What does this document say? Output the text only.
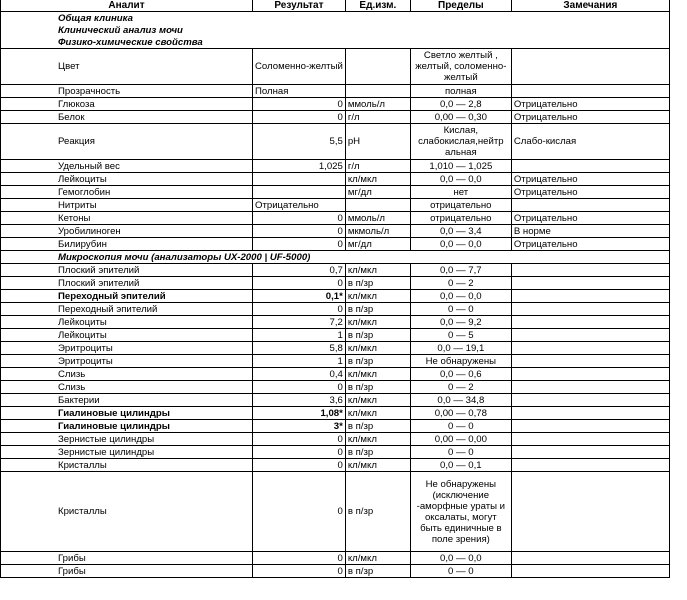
Аналит	Результат	Ед.изм.	Пределы	Замечания
Общая клиника				
Клинический анализ мочи				
Физико-химические свойства				
Цвет	Соломенно-желтый		Светло желтый , желтый, соломенно-желтый	
Прозрачность	Полная		полная	
Глюкоза	0	ммоль/л	0,0 — 2,8	Отрицательно
Белок	0	г/л	0,00 — 0,30	Отрицательно
Реакция	5,5	pH	Кислая, слабокислая,нейтр альная	Слабо-кислая
Удельный вес	1,025	г/л	1,010 — 1,025	
Лейкоциты		кл/мкл	0,0 — 0,0	Отрицательно
Гемоглобин		мг/дл	нет	Отрицательно
Нитриты	Отрицательно		отрицательно	
Кетоны	0	ммоль/л	отрицательно	Отрицательно
Уробилиноген	0	мкмоль/л	0,0 — 3,4	В норме
Билирубин	0	мг/дл	0,0 — 0,0	Отрицательно
Микроскопия мочи (анализаторы UX-2000 | UF-5000)				
Плоский эпителий	0,7	кл/мкл	0,0 — 7,7	
Плоский эпителий	0	в п/зр	0 — 2	
Переходный эпителий	0,1*	кл/мкл	0,0 — 0,0	
Переходный эпителий	0	в п/зр	0 — 0	
Лейкоциты	7,2	кл/мкл	0,0 — 9,2	
Лейкоциты	1	в п/зр	0 — 5	
Эритроциты	5,8	кл/мкл	0,0 — 19,1	
Эритроциты	1	в п/зр	Не обнаружены	
Слизь	0,4	кл/мкл	0,0 — 0,6	
Слизь	0	в п/зр	0 — 2	
Бактерии	3,6	кл/мкл	0,0 — 34,8	
Гиалиновые цилиндры	1,08*	кл/мкл	0,00 — 0,78	
Гиалиновые цилиндры	3*	в п/зр	0 — 0	
Зернистые цилиндры	0	кл/мкл	0,00 — 0,00	
Зернистые цилиндры	0	в п/зр	0 — 0	
Кристаллы	0	кл/мкл	0,0 — 0,1	
Кристаллы	0	в п/зр	Не обнаружены (исключение -аморфные ураты и оксалаты, могут быть единичные в поле зрения)	
Грибы	0	кл/мкл	0,0 — 0,0	
Грибы	0	в п/зр	0 — 0	
